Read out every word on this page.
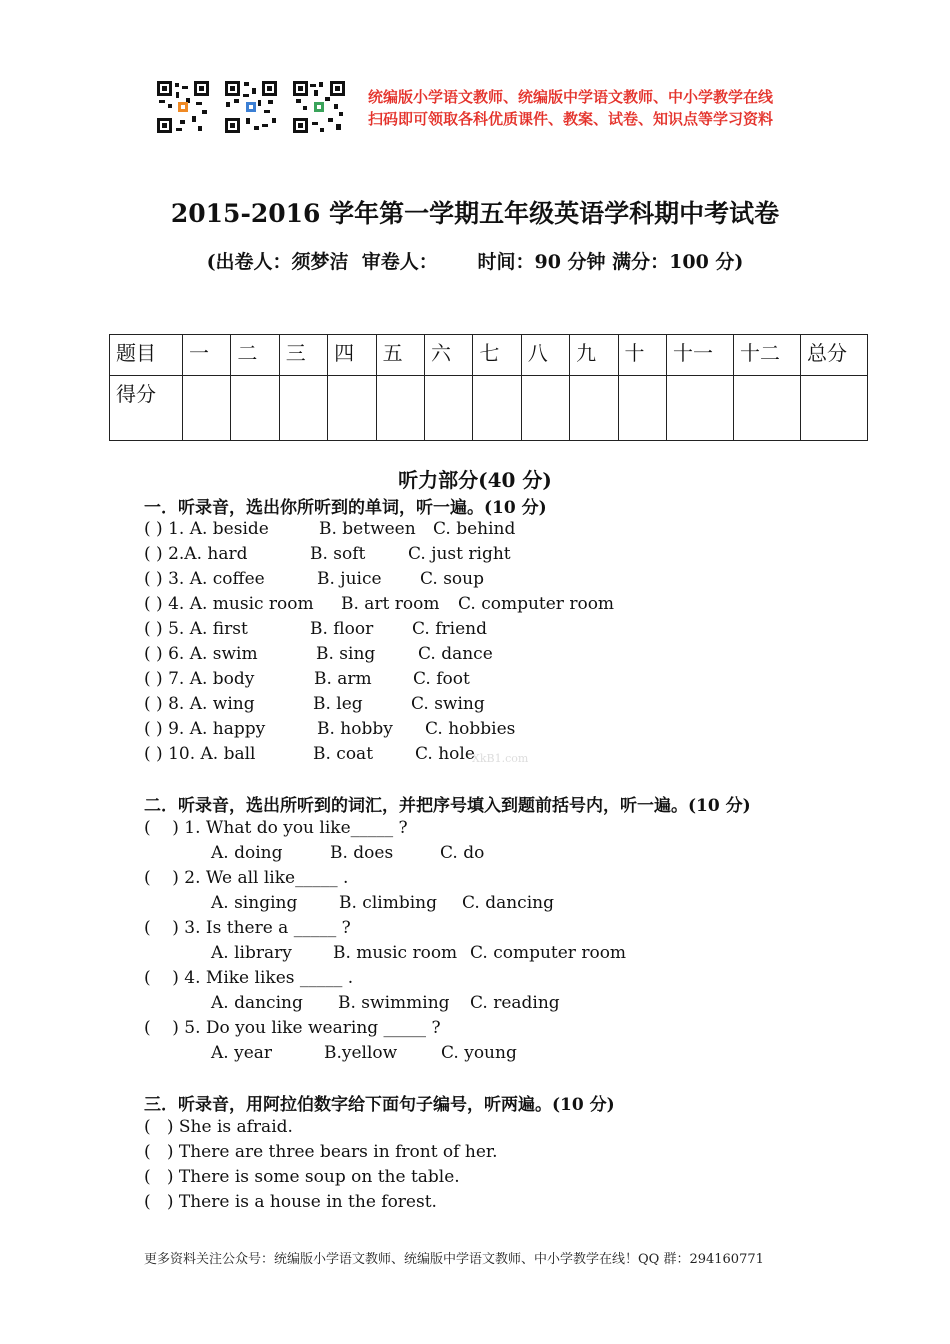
统编版小学语文教师、统编版中学语文教师、中小学教学在线
扫码即可领取各科优质课件、教案、试卷、知识点等学习资料
2015-2016 学年第一学期五年级英语学科期中考试卷
(出卷人：须梦洁  审卷人：      时间：90 分钟 满分：100 分)
题目	一	二	三	四	五	六	七	八	九	十	十一	十二	总分
得分													
听力部分(40 分)
一．听录音，选出你所听到的单词，听一遍。(10 分)
( ) 1. A. beside	B. between C. behind
( ) 2.A. hard	B. soft	C. just right
( ) 3. A. coffee	B. juice C. soup
( ) 4. A. music room B. art room C. computer room
( ) 5. A. first	B. floor C. friend
( ) 6. A. swim	B. sing	C. dance
( ) 7. A. body	B. arm C. foot
( ) 8. A. wing	B. leg	C. swing
( ) 9. A. happy	B. hobby C. hobbies
( ) 10. A. ball	B. coat C. hole
XkB1.com
二．听录音，选出所听到的词汇，并把序号填入到题前括号内，听一遍。(10 分)
(    ) 1. What do you like_____ ?
A. doing	B. does	C. do
(    ) 2. We all like_____ .
A. singing B. climbing C. dancing
(    ) 3. Is there a _____ ?
A. library B. music room C. computer room
(    ) 4. Mike likes _____ .
A. dancing B. swimming C. reading
(    ) 5. Do you like wearing _____ ?
A. year	B.yellow	C. young
三．听录音，用阿拉伯数字给下面句子编号，听两遍。(10 分)
(   ) She is afraid.
(   ) There are three bears in front of her.
(   ) There is some soup on the table.
(   ) There is a house in the forest.
更多资料关注公众号：统编版小学语文教师、统编版中学语文教师、中小学教学在线！QQ 群：294160771
